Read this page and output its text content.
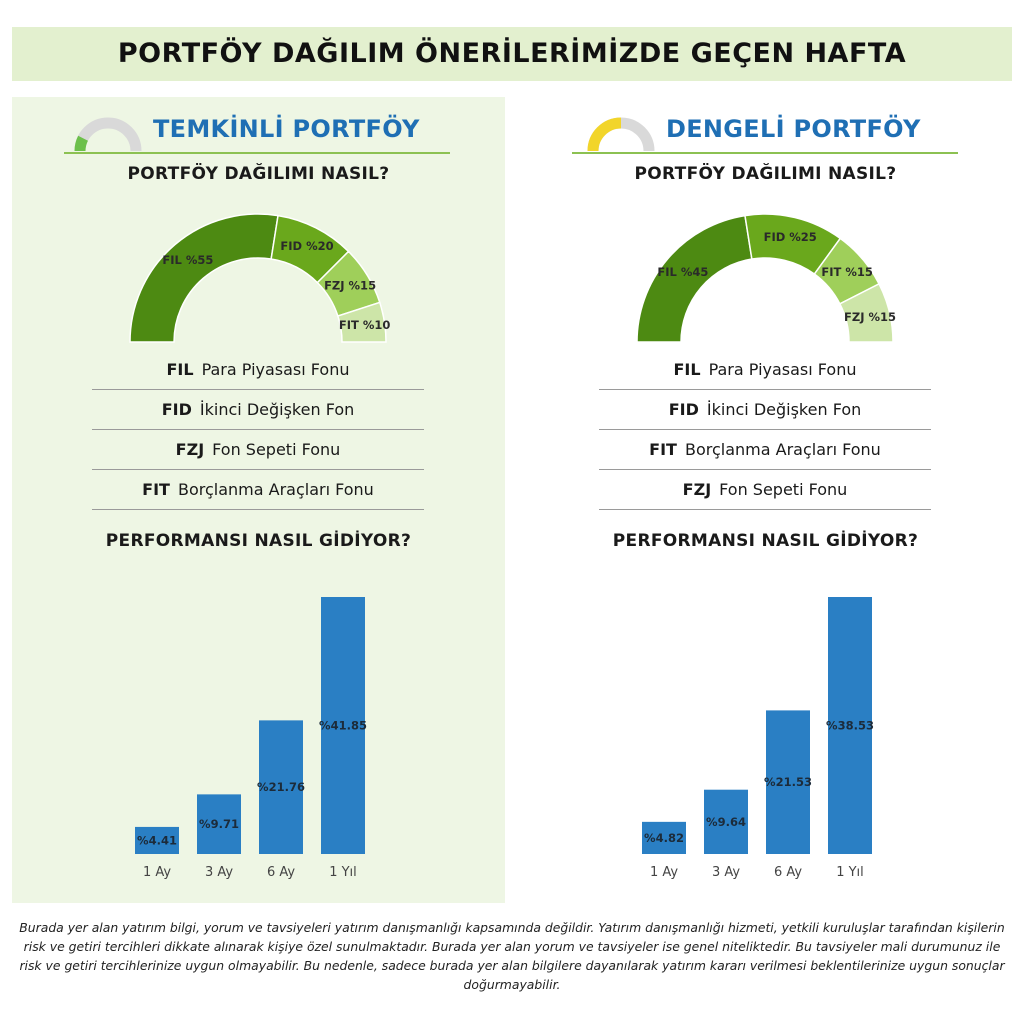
PORTFÖY DAĞILIM ÖNERİLERİMİZDE GEÇEN HAFTA
TEMKİNLİ PORTFÖY
PORTFÖY DAĞILIMI NASIL?
FIL %55
FID %20
FZJ %15
FIT %10
FIL Para Piyasası Fonu
FID İkinci Değişken Fon
FZJ Fon Sepeti Fonu
FIT Borçlanma Araçları Fonu
PERFORMANSI NASIL GİDİYOR?
%4.41
1 Ay
%9.71
3 Ay
%21.76
6 Ay
%41.85
1 Yıl
DENGELİ PORTFÖY
PORTFÖY DAĞILIMI NASIL?
FIL %45
FID %25
FIT %15
FZJ %15
FIL Para Piyasası Fonu
FID İkinci Değişken Fon
FIT Borçlanma Araçları Fonu
FZJ Fon Sepeti Fonu
PERFORMANSI NASIL GİDİYOR?
%4.82
1 Ay
%9.64
3 Ay
%21.53
6 Ay
%38.53
1 Yıl
Burada yer alan yatırım bilgi, yorum ve tavsiyeleri yatırım danışmanlığı kapsamında değildir. Yatırım danışmanlığı hizmeti, yetkili kuruluşlar tarafından kişilerin risk ve getiri tercihleri dikkate alınarak kişiye özel sunulmaktadır. Burada yer alan yorum ve tavsiyeler ise genel niteliktedir. Bu tavsiyeler mali durumunuz ile risk ve getiri tercihlerinize uygun olmayabilir. Bu nedenle, sadece burada yer alan bilgilere dayanılarak yatırım kararı verilmesi beklentilerinize uygun sonuçlar doğurmayabilir.
